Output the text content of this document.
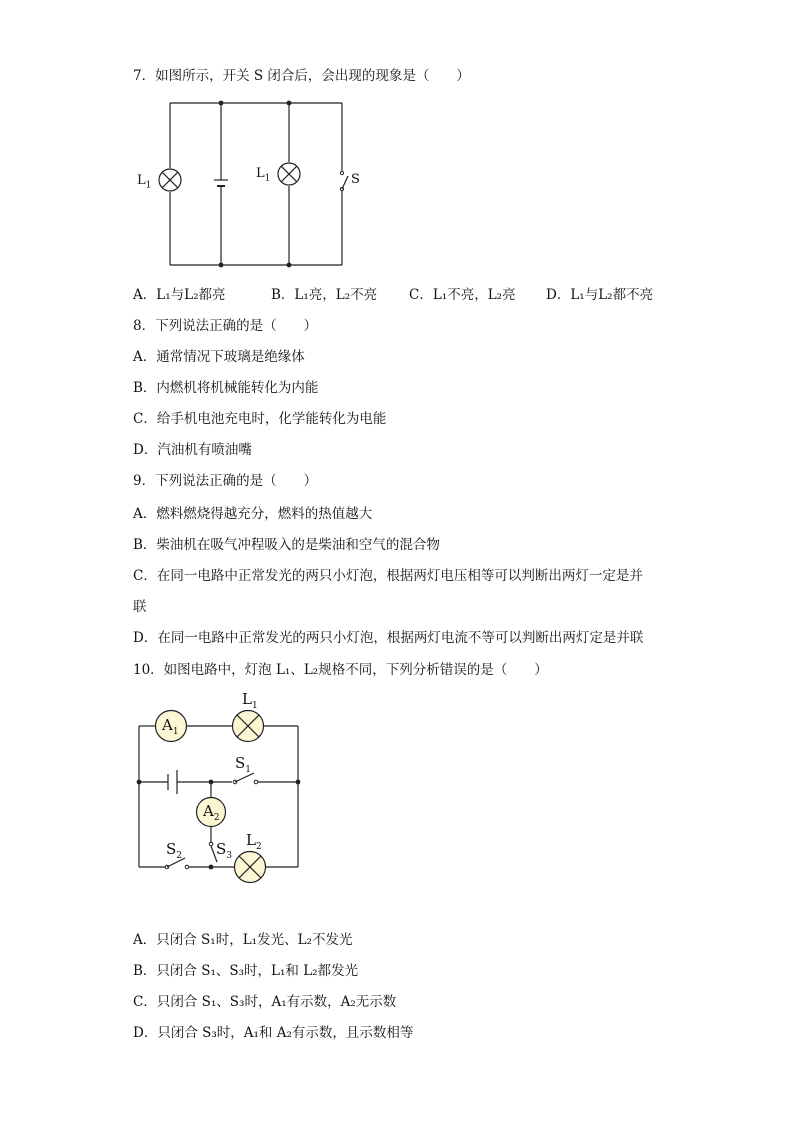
7．如图所示，开关 S 闭合后，会出现的现象是（　　）
$L_1$
$L_1$	S
A．L₁与L₂都亮	B．L₁亮，L₂不亮 C．L₁不亮，L₂亮 D．L₁与L₂都不亮
8．下列说法正确的是（　　）
A．通常情况下玻璃是绝缘体
B．内燃机将机械能转化为内能
C．给手机电池充电时，化学能转化为电能
D．汽油机有喷油嘴
9．下列说法正确的是（　　）
A．燃料燃烧得越充分，燃料的热值越大
B．柴油机在吸气冲程吸入的是柴油和空气的混合物
C．在同一电路中正常发光的两只小灯泡，根据两灯电压相等可以判断出两灯一定是并
联
D．在同一电路中正常发光的两只小灯泡，根据两灯电流不等可以判断出两灯定是并联
10．如图电路中，灯泡 L₁、L₂规格不同，下列分析错误的是（　　）
$A_1$
$L_1$
$S_1$
$A_2$
$S_2$ $S_3$
$L_2$
A．只闭合 S₁时，L₁发光、L₂不发光
B．只闭合 S₁、S₃时，L₁和 L₂都发光
C．只闭合 S₁、S₃时，A₁有示数，A₂无示数
D．只闭合 S₃时，A₁和 A₂有示数，且示数相等
